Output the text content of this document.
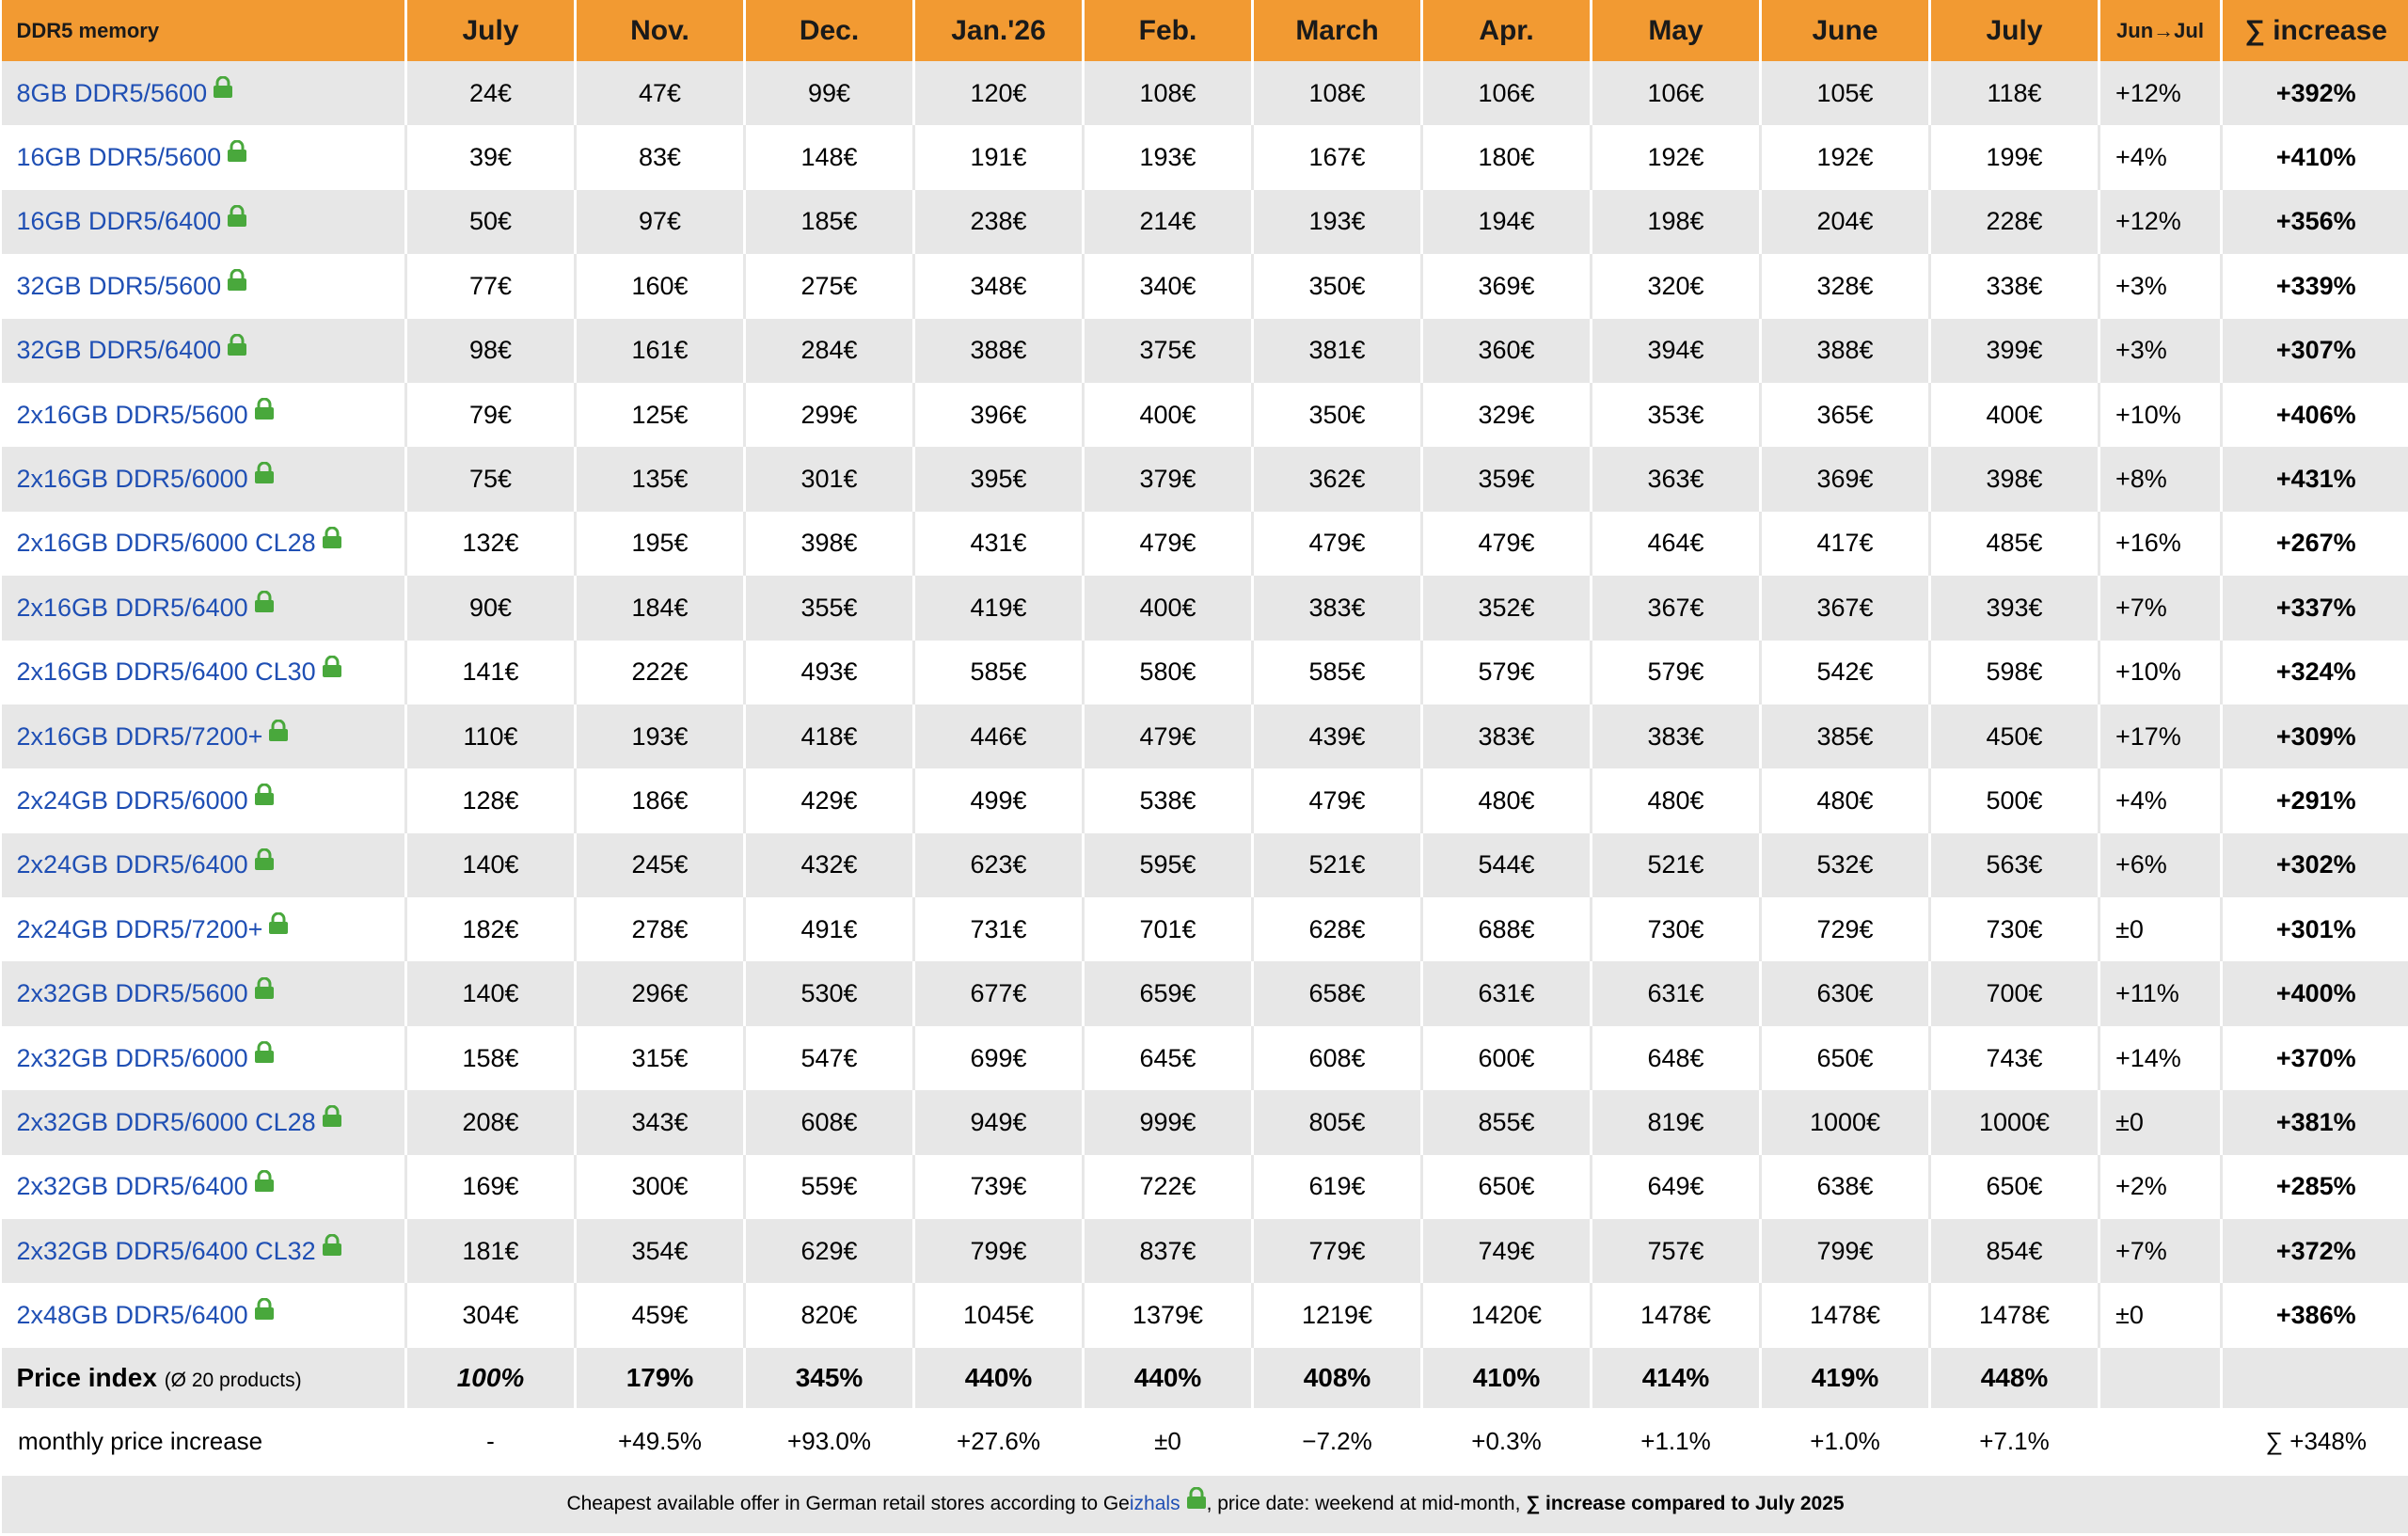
DDR5 memory	July	Nov.	Dec.	Jan.'26	Feb.	March	Apr.	May	June	July	Jun→Jul	∑ increase
8GB DDR5/5600	24€	47€	99€	120€	108€	108€	106€	106€	105€	118€	+12%	+392%
16GB DDR5/5600	39€	83€	148€	191€	193€	167€	180€	192€	192€	199€	+4%	+410%
16GB DDR5/6400	50€	97€	185€	238€	214€	193€	194€	198€	204€	228€	+12%	+356%
32GB DDR5/5600	77€	160€	275€	348€	340€	350€	369€	320€	328€	338€	+3%	+339%
32GB DDR5/6400	98€	161€	284€	388€	375€	381€	360€	394€	388€	399€	+3%	+307%
2x16GB DDR5/5600	79€	125€	299€	396€	400€	350€	329€	353€	365€	400€	+10%	+406%
2x16GB DDR5/6000	75€	135€	301€	395€	379€	362€	359€	363€	369€	398€	+8%	+431%
2x16GB DDR5/6000 CL28	132€	195€	398€	431€	479€	479€	479€	464€	417€	485€	+16%	+267%
2x16GB DDR5/6400	90€	184€	355€	419€	400€	383€	352€	367€	367€	393€	+7%	+337%
2x16GB DDR5/6400 CL30	141€	222€	493€	585€	580€	585€	579€	579€	542€	598€	+10%	+324%
2x16GB DDR5/7200+	110€	193€	418€	446€	479€	439€	383€	383€	385€	450€	+17%	+309%
2x24GB DDR5/6000	128€	186€	429€	499€	538€	479€	480€	480€	480€	500€	+4%	+291%
2x24GB DDR5/6400	140€	245€	432€	623€	595€	521€	544€	521€	532€	563€	+6%	+302%
2x24GB DDR5/7200+	182€	278€	491€	731€	701€	628€	688€	730€	729€	730€	±0	+301%
2x32GB DDR5/5600	140€	296€	530€	677€	659€	658€	631€	631€	630€	700€	+11%	+400%
2x32GB DDR5/6000	158€	315€	547€	699€	645€	608€	600€	648€	650€	743€	+14%	+370%
2x32GB DDR5/6000 CL28	208€	343€	608€	949€	999€	805€	855€	819€	1000€	1000€	±0	+381%
2x32GB DDR5/6400	169€	300€	559€	739€	722€	619€	650€	649€	638€	650€	+2%	+285%
2x32GB DDR5/6400 CL32	181€	354€	629€	799€	837€	779€	749€	757€	799€	854€	+7%	+372%
2x48GB DDR5/6400	304€	459€	820€	1045€	1379€	1219€	1420€	1478€	1478€	1478€	±0	+386%
Price index (Ø 20 products)	100%	179%	345%	440%	440%	408%	410%	414%	419%	448%		
monthly price increase	-	+49.5%	+93.0%	+27.6%	±0	−7.2%	+0.3%	+1.1%	+1.0%	+7.1%		∑ +348%
Cheapest available offer in German retail stores according to Geizhals , price date: weekend at mid-month, ∑ increase compared to July 2025												
